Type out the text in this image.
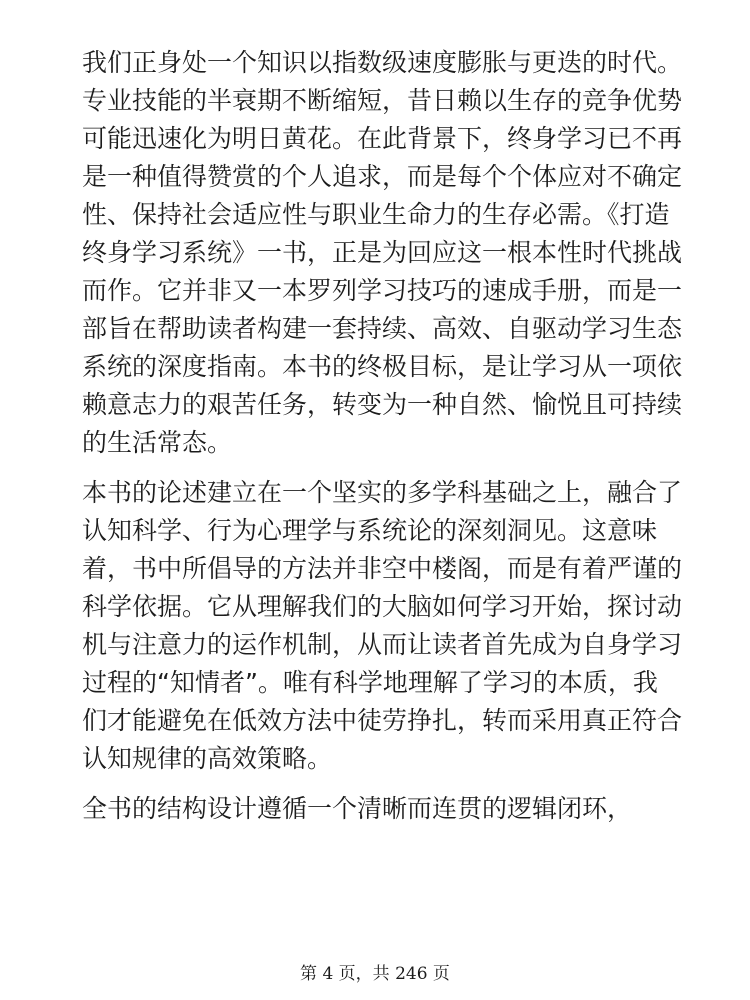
我们正身处一个知识以指数级速度膨胀与更迭的时代。专业技能的半衰期不断缩短，昔日赖以生存的竞争优势可能迅速化为明日黄花。在此背景下，终身学习已不再是一种值得赞赏的个人追求，而是每个个体应对不确定性、保持社会适应性与职业生命力的生存必需。《打造终身学习系统》一书，正是为回应这一根本性时代挑战而作。它并非又一本罗列学习技巧的速成手册，而是一部旨在帮助读者构建一套持续、高效、自驱动学习生态系统的深度指南。本书的终极目标，是让学习从一项依赖意志力的艰苦任务，转变为一种自然、愉悦且可持续的生活常态。

本书的论述建立在一个坚实的多学科基础之上，融合了认知科学、行为心理学与系统论的深刻洞见。这意味着，书中所倡导的方法并非空中楼阁，而是有着严谨的科学依据。它从理解我们的大脑如何学习开始，探讨动机与注意力的运作机制，从而让读者首先成为自身学习过程的“知情者”。唯有科学地理解了学习的本质，我们才能避免在低效方法中徒劳挣扎，转而采用真正符合认知规律的高效策略。

全书的结构设计遵循一个清晰而连贯的逻辑闭环，

第 4 页，共 246 页
